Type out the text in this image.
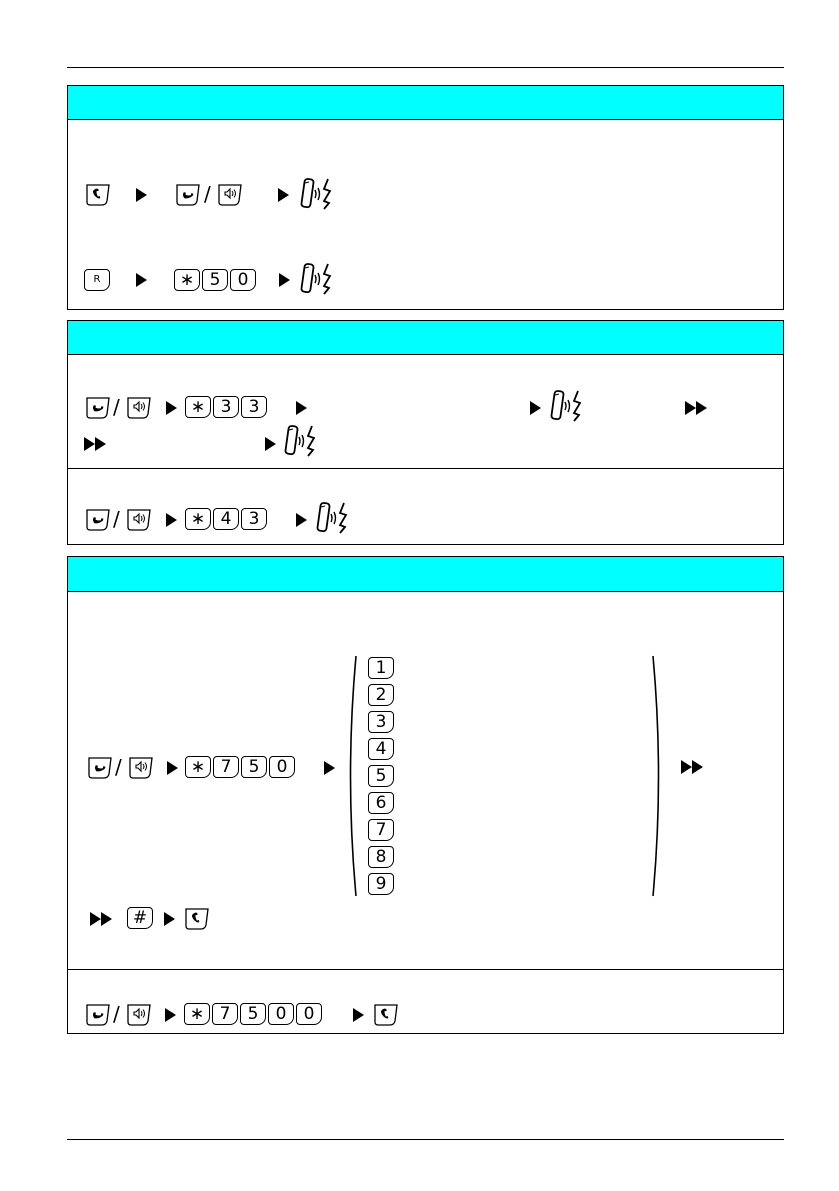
/
R	∗ 5 0
/	∗ 3 3
/	∗ 4 3
/	∗ 7 5 0
1
2
3
4
5
6
7
8
9
#
/	∗ 7 5 0 0
